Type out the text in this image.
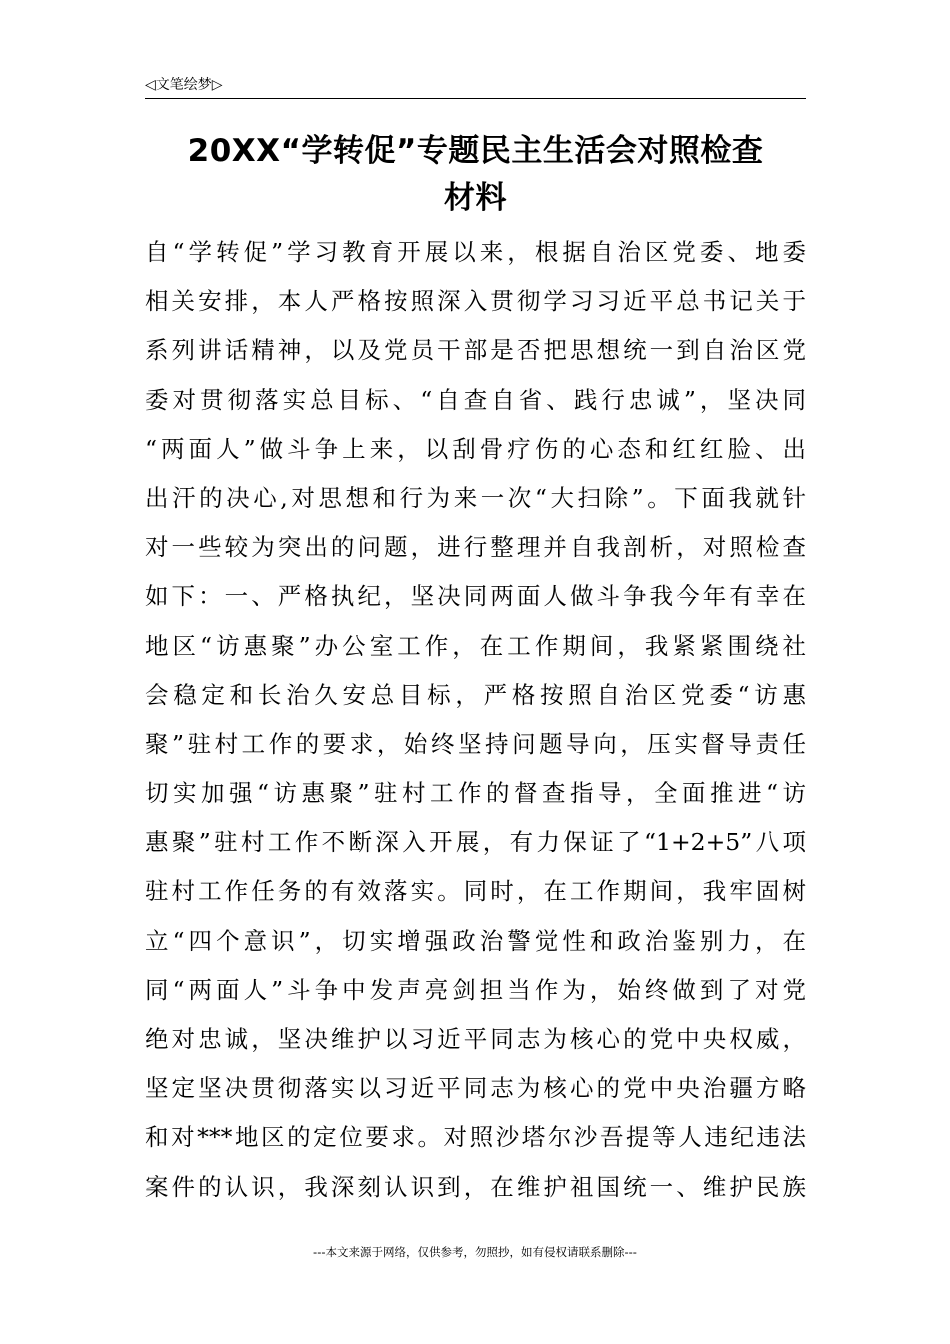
◁文笔绘梦▷
20XX“学转促”专题民主生活会对照检查
材料
自“学转促”学习教育开展以来，根据自治区党委、地委
相关安排，本人严格按照深入贯彻学习习近平总书记关于
系列讲话精神，以及党员干部是否把思想统一到自治区党
委对贯彻落实总目标、“自查自省、践行忠诚”，坚决同
“两面人”做斗争上来，以刮骨疗伤的心态和红红脸、出
出汗的决心,对思想和行为来一次“大扫除”。下面我就针
对一些较为突出的问题，进行整理并自我剖析，对照检查
如下：一、严格执纪，坚决同两面人做斗争我今年有幸在
地区“访惠聚”办公室工作，在工作期间，我紧紧围绕社
会稳定和长治久安总目标，严格按照自治区党委“访惠
聚”驻村工作的要求，始终坚持问题导向，压实督导责任
切实加强“访惠聚”驻村工作的督查指导，全面推进“访
惠聚”驻村工作不断深入开展，有力保证了“1+2+5”八项
驻村工作任务的有效落实。同时，在工作期间，我牢固树
立“四个意识”，切实增强政治警觉性和政治鉴别力，在
同“两面人”斗争中发声亮剑担当作为，始终做到了对党
绝对忠诚，坚决维护以习近平同志为核心的党中央权威，
坚定坚决贯彻落实以习近平同志为核心的党中央治疆方略
和对***地区的定位要求。对照沙塔尔沙吾提等人违纪违法
案件的认识，我深刻认识到，在维护祖国统一、维护民族
---本文来源于网络，仅供参考，勿照抄，如有侵权请联系删除---
